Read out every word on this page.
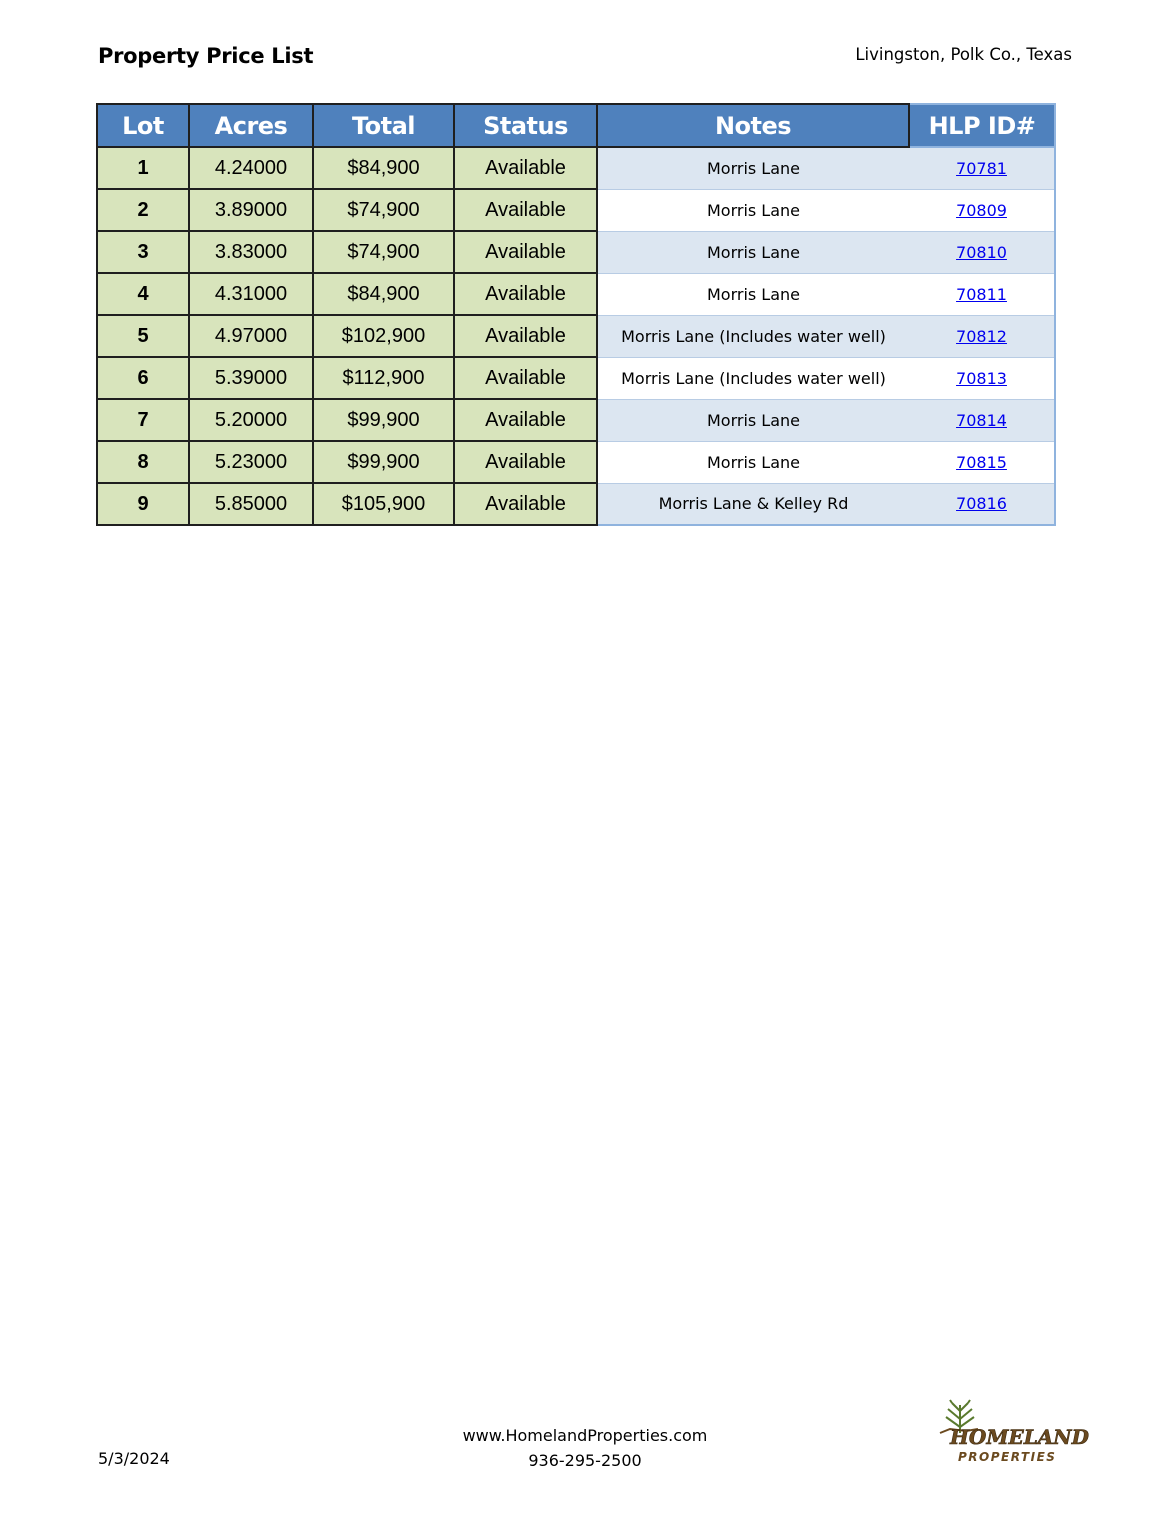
Property Price List	Livingston, Polk Co., Texas
Lot	Acres	Total	Status	Notes	HLP ID#
1	4.24000	$84,900	Available	Morris Lane	70781
2	3.89000	$74,900	Available	Morris Lane	70809
3	3.83000	$74,900	Available	Morris Lane	70810
4	4.31000	$84,900	Available	Morris Lane	70811
5	4.97000	$102,900	Available	Morris Lane (Includes water well)	70812
6	5.39000	$112,900	Available	Morris Lane (Includes water well)	70813
7	5.20000	$99,900	Available	Morris Lane	70814
8	5.23000	$99,900	Available	Morris Lane	70815
9	5.85000	$105,900	Available	Morris Lane & Kelley Rd	70816
5/3/2024
www.HomelandProperties.com
936-295-2500
HOMELAND
PROPERTIES
